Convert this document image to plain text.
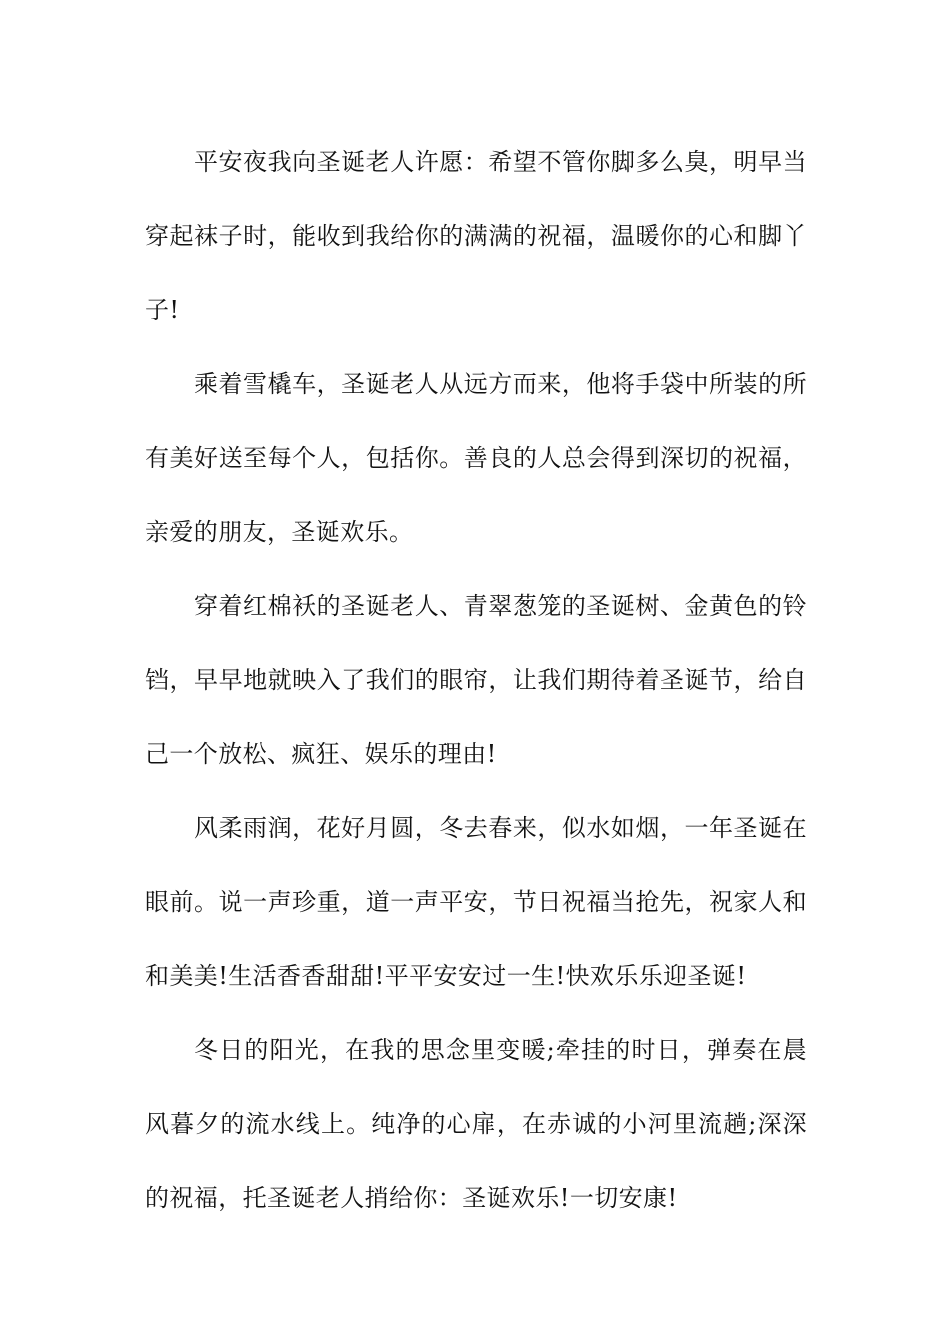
平安夜我向圣诞老人许愿：希望不管你脚多么臭，明早当穿起袜子时，能收到我给你的满满的祝福，温暖你的心和脚丫子!

乘着雪橇车，圣诞老人从远方而来，他将手袋中所装的所有美好送至每个人，包括你。善良的人总会得到深切的祝福，亲爱的朋友，圣诞欢乐。

穿着红棉袄的圣诞老人、青翠葱笼的圣诞树、金黄色的铃铛，早早地就映入了我们的眼帘，让我们期待着圣诞节，给自己一个放松、疯狂、娱乐的理由!

风柔雨润，花好月圆，冬去春来，似水如烟，一年圣诞在眼前。说一声珍重，道一声平安，节日祝福当抢先，祝家人和和美美!生活香香甜甜!平平安安过一生!快欢乐乐迎圣诞!

冬日的阳光，在我的思念里变暖;牵挂的时日，弹奏在晨风暮夕的流水线上。纯净的心扉，在赤诚的小河里流趟;深深的祝福，托圣诞老人捎给你：圣诞欢乐!一切安康!
